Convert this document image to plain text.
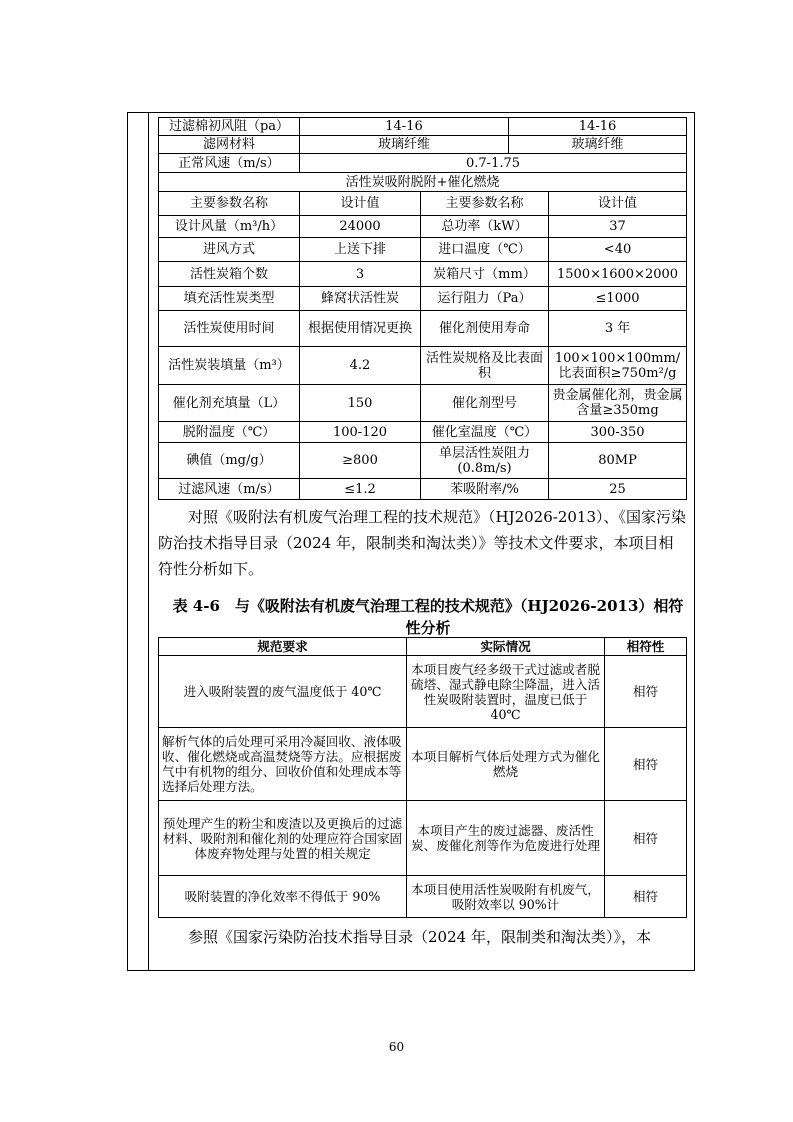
过滤棉初风阻（pa）	14-16		14-16	
滤网材料	玻璃纤维		玻璃纤维	
正常风速（m/s）	0.7-1.75			
活性炭吸附脱附+催化燃烧				
主要参数名称	设计值	主要参数名称		设计值
设计风量（m³/h）	24000	总功率（kW）		37
进风方式	上送下排	进口温度（℃）		<40
活性炭箱个数	3	炭箱尺寸（mm）		1500×1600×2000
填充活性炭类型	蜂窝状活性炭	运行阻力（Pa）		≤1000
活性炭使用时间	根据使用情况更换	催化剂使用寿命		3 年
活性炭装填量（m³）	4.2	活性炭规格及比表面积		100×100×100mm/比表面积≥750m²/g
催化剂充填量（L）	150	催化剂型号		贵金属催化剂，贵金属含量≥350mg
脱附温度（℃）	100-120	催化室温度（℃）		300-350
碘值（mg/g）	≥800	单层活性炭阻力(0.8m/s)		80MP
过滤风速（m/s）	≤1.2	苯吸附率/%		25

对照《吸附法有机废气治理工程的技术规范》（HJ2026-2013）、《国家污染防治技术指导目录（2024 年，限制类和淘汰类）》等技术文件要求，本项目相符性分析如下。

表 4-6　与《吸附法有机废气治理工程的技术规范》（HJ2026-2013）相符性分析

规范要求	实际情况	相符性
进入吸附装置的废气温度低于 40℃	本项目废气经多级干式过滤或者脱硫塔、湿式静电除尘降温，进入活性炭吸附装置时，温度已低于 40℃	相符
解析气体的后处理可采用冷凝回收、液体吸收、催化燃烧或高温焚烧等方法。应根据废气中有机物的组分、回收价值和处理成本等选择后处理方法。	本项目解析气体后处理方式为催化燃烧	相符
预处理产生的粉尘和废渣以及更换后的过滤材料、吸附剂和催化剂的处理应符合国家固体废弃物处理与处置的相关规定	本项目产生的废过滤器、废活性炭、废催化剂等作为危废进行处理	相符
吸附装置的净化效率不得低于 90%	本项目使用活性炭吸附有机废气，吸附效率以 90%计	相符

参照《国家污染防治技术指导目录（2024 年，限制类和淘汰类）》，本

60
